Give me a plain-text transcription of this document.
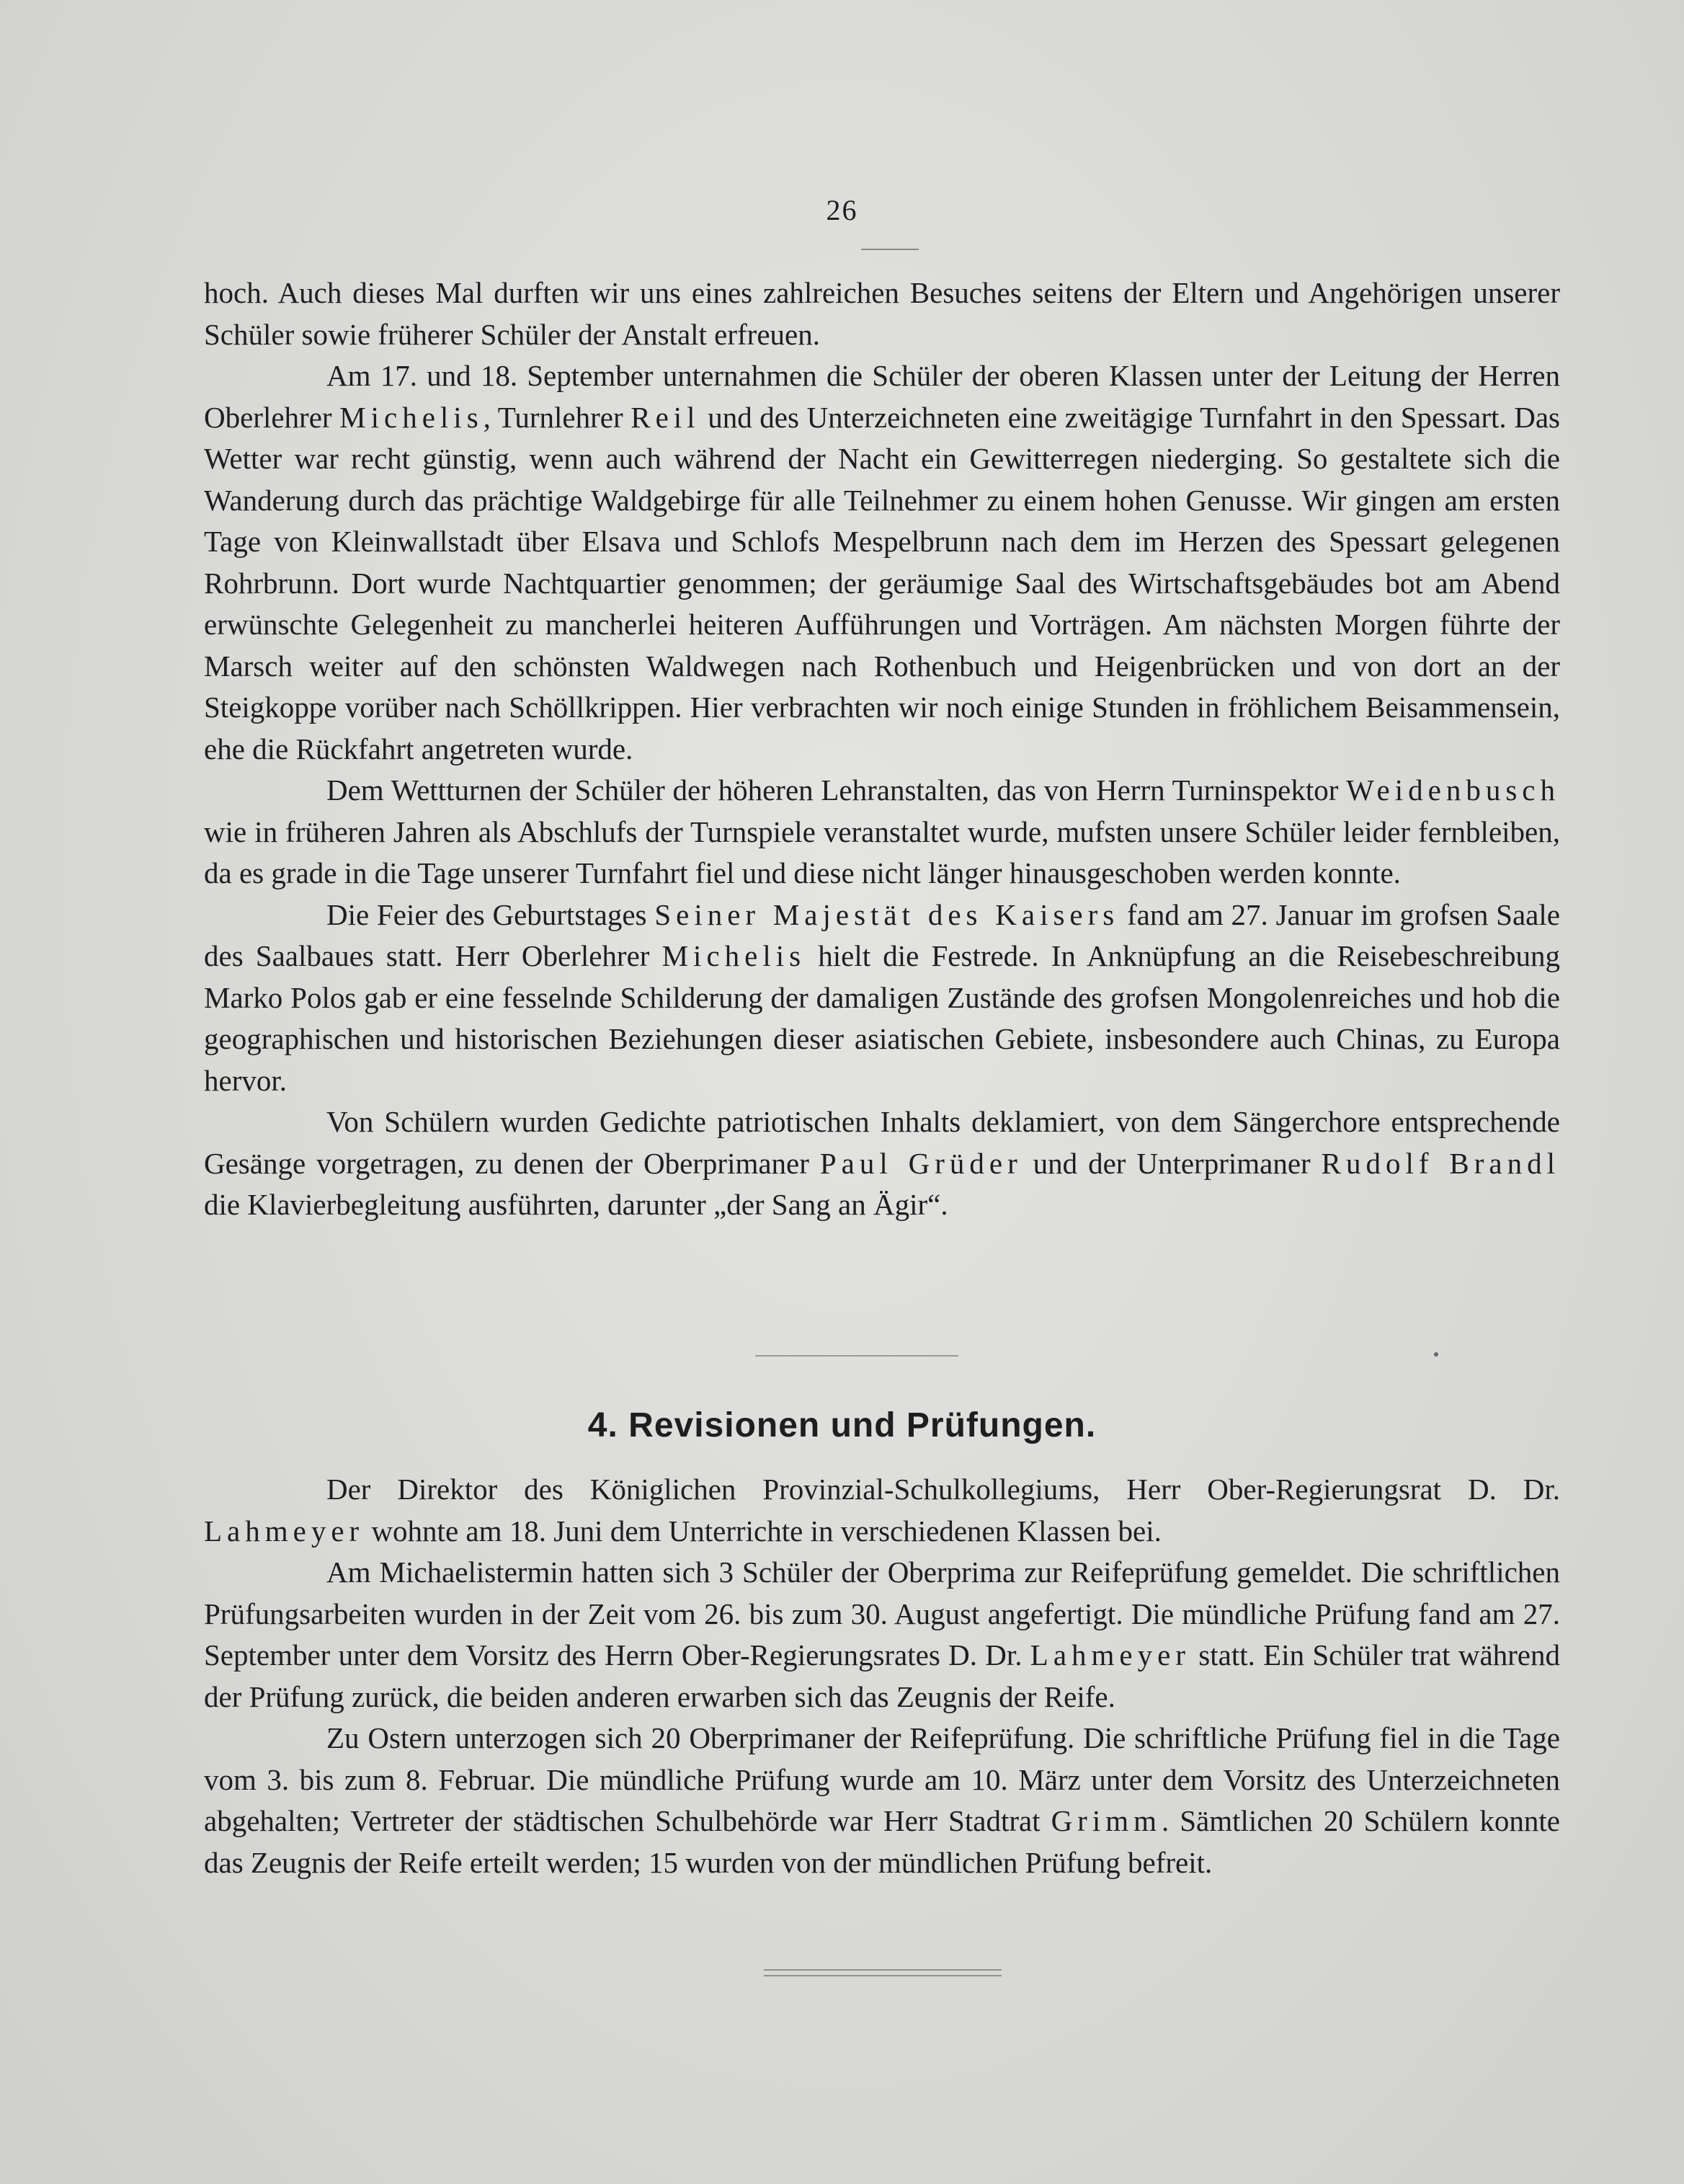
26

hoch. Auch dieses Mal durften wir uns eines zahlreichen Besuches seitens der Eltern und Angehörigen unserer Schüler sowie früherer Schüler der Anstalt erfreuen.

Am 17. und 18. September unternahmen die Schüler der oberen Klassen unter der Leitung der Herren Oberlehrer Michelis, Turnlehrer Reil und des Unterzeichneten eine zweitägige Turnfahrt in den Spessart. Das Wetter war recht günstig, wenn auch während der Nacht ein Gewitterregen niederging. So gestaltete sich die Wanderung durch das prächtige Waldgebirge für alle Teilnehmer zu einem hohen Genusse. Wir gingen am ersten Tage von Kleinwallstadt über Elsava und Schlofs Mespelbrunn nach dem im Herzen des Spessart gelegenen Rohrbrunn. Dort wurde Nachtquartier genommen; der geräumige Saal des Wirtschaftsgebäudes bot am Abend erwünschte Gelegenheit zu mancherlei heiteren Aufführungen und Vorträgen. Am nächsten Morgen führte der Marsch weiter auf den schönsten Waldwegen nach Rothenbuch und Heigenbrücken und von dort an der Steigkoppe vorüber nach Schöllkrippen. Hier verbrachten wir noch einige Stunden in fröhlichem Beisammensein, ehe die Rückfahrt angetreten wurde.

Dem Wettturnen der Schüler der höheren Lehranstalten, das von Herrn Turninspektor Weidenbusch wie in früheren Jahren als Abschlufs der Turnspiele veranstaltet wurde, mufsten unsere Schüler leider fernbleiben, da es grade in die Tage unserer Turnfahrt fiel und diese nicht länger hinausgeschoben werden konnte.

Die Feier des Geburtstages Seiner Majestät des Kaisers fand am 27. Januar im grofsen Saale des Saalbaues statt. Herr Oberlehrer Michelis hielt die Festrede. In Anknüpfung an die Reisebeschreibung Marko Polos gab er eine fesselnde Schilderung der damaligen Zustände des grofsen Mongolenreiches und hob die geographischen und historischen Beziehungen dieser asiatischen Gebiete, insbesondere auch Chinas, zu Europa hervor.

Von Schülern wurden Gedichte patriotischen Inhalts deklamiert, von dem Sängerchore entsprechende Gesänge vorgetragen, zu denen der Oberprimaner Paul Grüder und der Unterprimaner Rudolf Brandl die Klavierbegleitung ausführten, darunter „der Sang an Ägir“.

4. Revisionen und Prüfungen.

Der Direktor des Königlichen Provinzial-Schulkollegiums, Herr Ober-Regierungsrat D. Dr. Lahmeyer wohnte am 18. Juni dem Unterrichte in verschiedenen Klassen bei.

Am Michaelistermin hatten sich 3 Schüler der Oberprima zur Reifeprüfung gemeldet. Die schriftlichen Prüfungsarbeiten wurden in der Zeit vom 26. bis zum 30. August angefertigt. Die mündliche Prüfung fand am 27. September unter dem Vorsitz des Herrn Ober-Regierungsrates D. Dr. Lahmeyer statt. Ein Schüler trat während der Prüfung zurück, die beiden anderen erwarben sich das Zeugnis der Reife.

Zu Ostern unterzogen sich 20 Oberprimaner der Reifeprüfung. Die schriftliche Prüfung fiel in die Tage vom 3. bis zum 8. Februar. Die mündliche Prüfung wurde am 10. März unter dem Vorsitz des Unterzeichneten abgehalten; Vertreter der städtischen Schulbehörde war Herr Stadtrat Grimm. Sämtlichen 20 Schülern konnte das Zeugnis der Reife erteilt werden; 15 wurden von der mündlichen Prüfung befreit.
